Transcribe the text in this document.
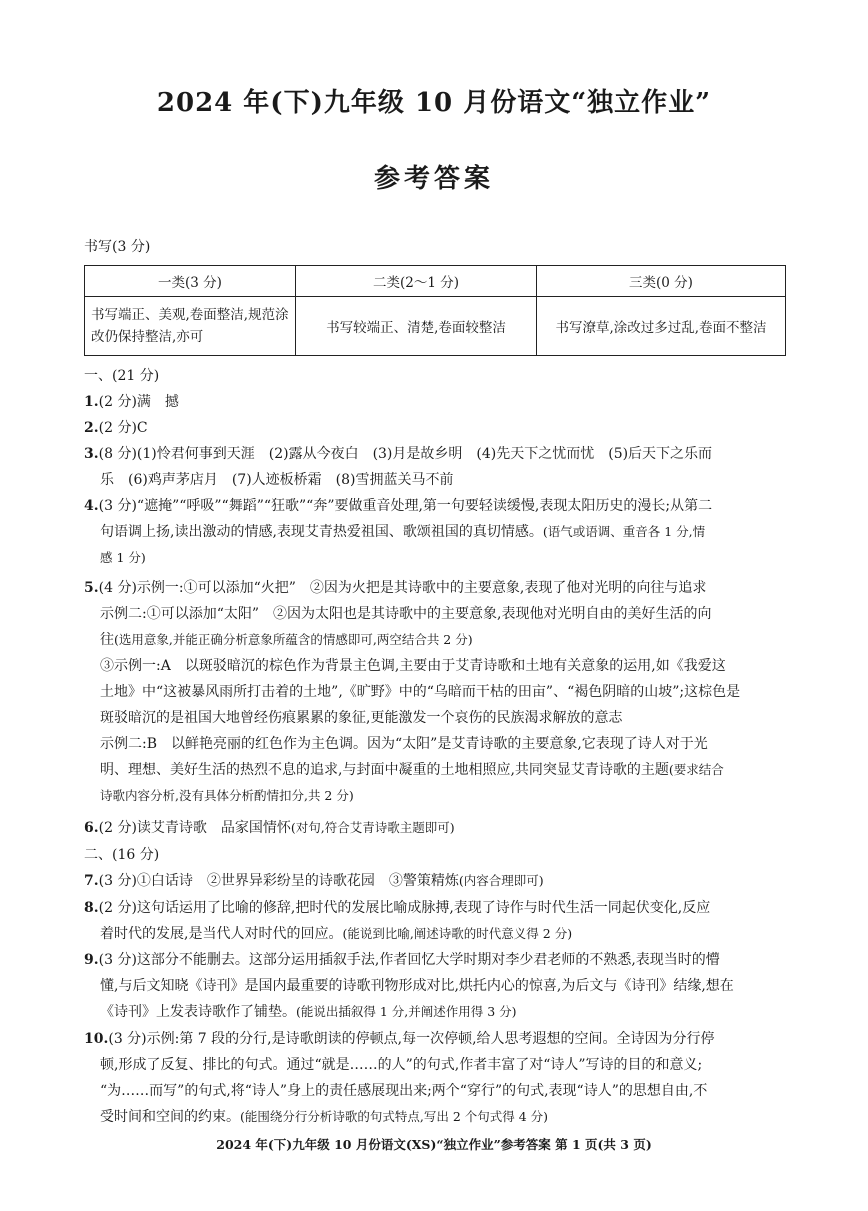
2024 年(下)九年级 10 月份语文“独立作业”
参考答案
书写(3 分)
一类(3 分)	二类(2～1 分)	三类(0 分)
书写端正、美观,卷面整洁,规范涂改仍保持整洁,亦可	书写较端正、清楚,卷面较整洁	书写潦草,涂改过多过乱,卷面不整洁
一、(21 分)
1.(2 分)满　撼
2.(2 分)C
3.(8 分)(1)怜君何事到天涯　(2)露从今夜白　(3)月是故乡明　(4)先天下之忧而忧　(5)后天下之乐而
乐　(6)鸡声茅店月　(7)人迹板桥霜　(8)雪拥蓝关马不前
4.(3 分)“遮掩”“呼吸”“舞蹈”“狂歌”“奔”要做重音处理,第一句要轻读缓慢,表现太阳历史的漫长;从第二
句语调上扬,读出激动的情感,表现艾青热爱祖国、歌颂祖国的真切情感。(语气或语调、重音各 1 分,情
感 1 分)
5.(4 分)示例一:①可以添加“火把”　②因为火把是其诗歌中的主要意象,表现了他对光明的向往与追求
示例二:①可以添加“太阳”　②因为太阳也是其诗歌中的主要意象,表现他对光明自由的美好生活的向
往(选用意象,并能正确分析意象所蕴含的情感即可,两空结合共 2 分)
③示例一:A　以斑驳暗沉的棕色作为背景主色调,主要由于艾青诗歌和土地有关意象的运用,如《我爱这
土地》中“这被暴风雨所打击着的土地”,《旷野》中的“乌暗而干枯的田亩”、“褐色阴暗的山坡”;这棕色是
斑驳暗沉的是祖国大地曾经伤痕累累的象征,更能激发一个哀伤的民族渴求解放的意志
示例二:B　以鲜艳亮丽的红色作为主色调。因为“太阳”是艾青诗歌的主要意象,它表现了诗人对于光
明、理想、美好生活的热烈不息的追求,与封面中凝重的土地相照应,共同突显艾青诗歌的主题(要求结合
诗歌内容分析,没有具体分析酌情扣分,共 2 分)
6.(2 分)读艾青诗歌　品家国情怀(对句,符合艾青诗歌主题即可)
二、(16 分)
7.(3 分)①白话诗　②世界异彩纷呈的诗歌花园　③警策精炼(内容合理即可)
8.(2 分)这句话运用了比喻的修辞,把时代的发展比喻成脉搏,表现了诗作与时代生活一同起伏变化,反应
着时代的发展,是当代人对时代的回应。(能说到比喻,阐述诗歌的时代意义得 2 分)
9.(3 分)这部分不能删去。这部分运用插叙手法,作者回忆大学时期对李少君老师的不熟悉,表现当时的懵
懂,与后文知晓《诗刊》是国内最重要的诗歌刊物形成对比,烘托内心的惊喜,为后文与《诗刊》结缘,想在
《诗刊》上发表诗歌作了铺垫。(能说出插叙得 1 分,并阐述作用得 3 分)
10.(3 分)示例:第 7 段的分行,是诗歌朗读的停顿点,每一次停顿,给人思考遐想的空间。全诗因为分行停
顿,形成了反复、排比的句式。通过“就是……的人”的句式,作者丰富了对“诗人”写诗的目的和意义;
“为……而写”的句式,将“诗人”身上的责任感展现出来;两个“穿行”的句式,表现“诗人”的思想自由,不
受时间和空间的约束。(能围绕分行分析诗歌的句式特点,写出 2 个句式得 4 分)
2024 年(下)九年级 10 月份语文(XS)“独立作业”参考答案 第 1 页(共 3 页)
